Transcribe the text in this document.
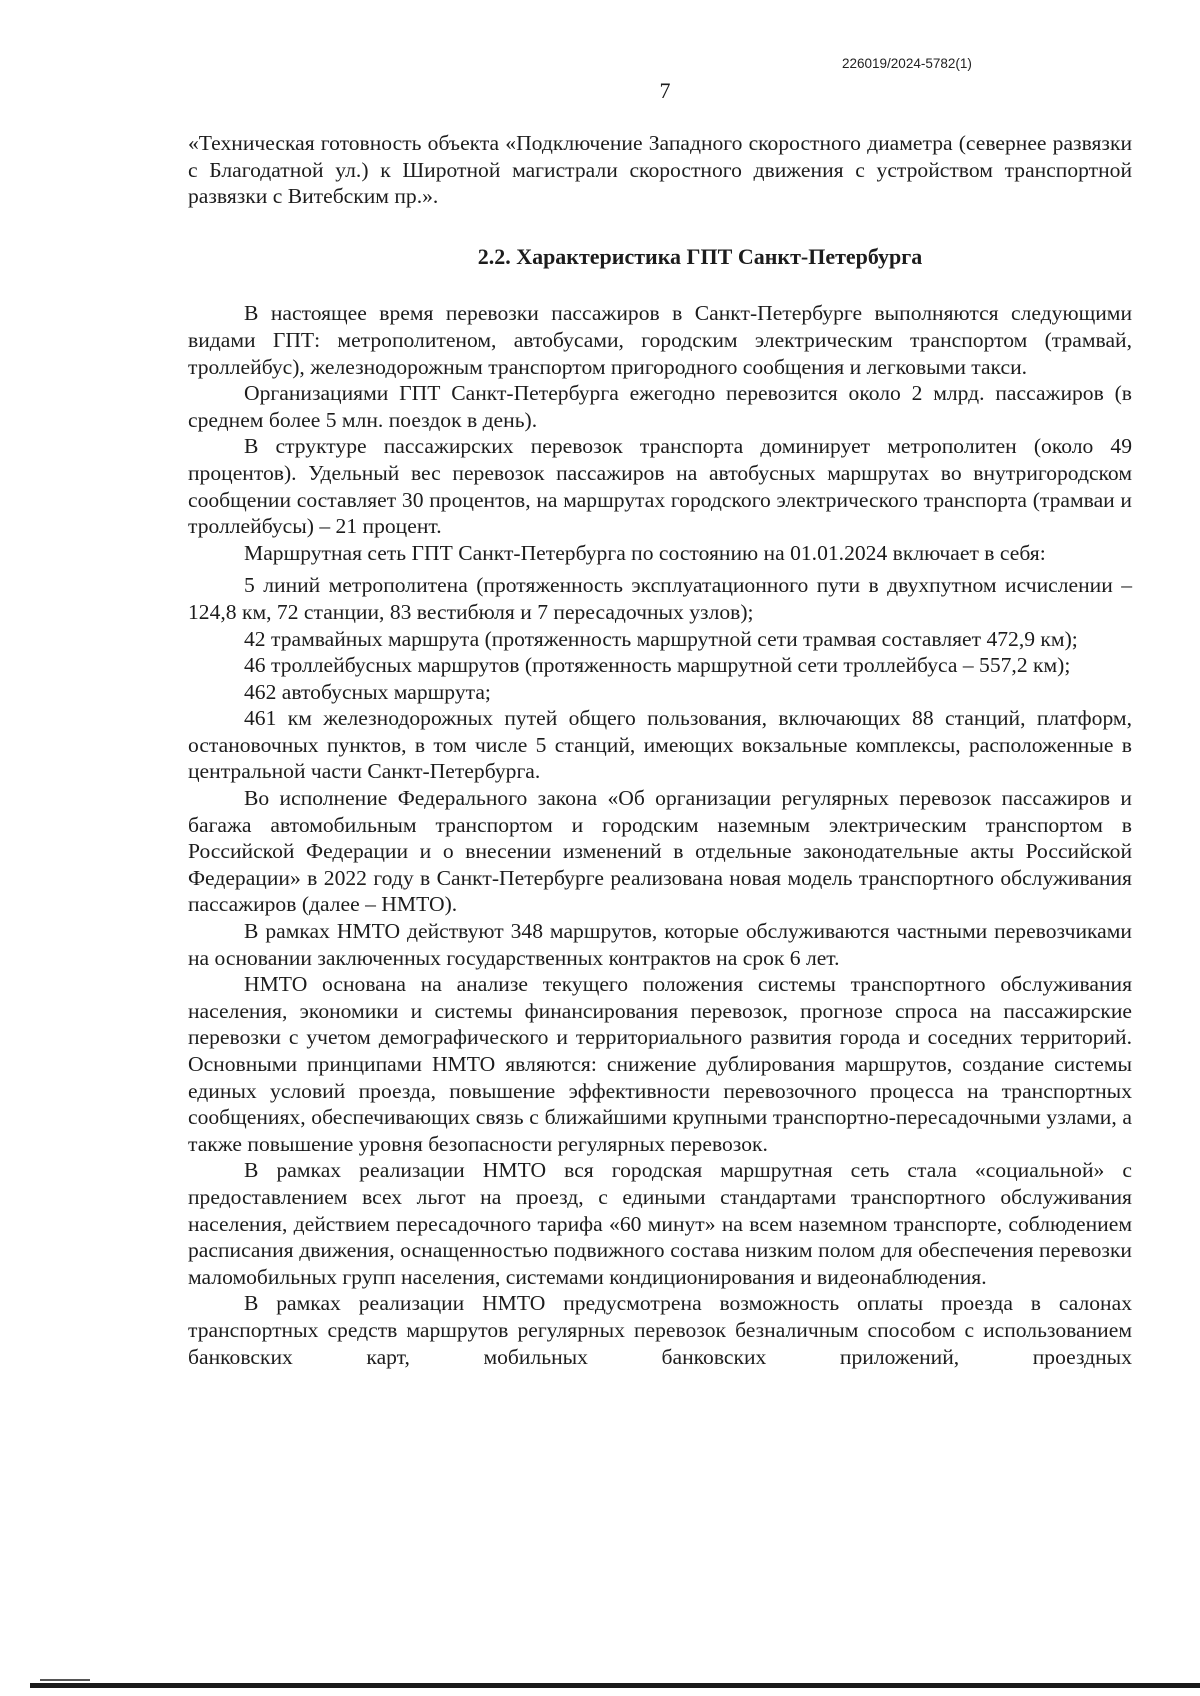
226019/2024-5782(1)
7

«Техническая готовность объекта «Подключение Западного скоростного диаметра (севернее развязки с Благодатной ул.) к Широтной магистрали скоростного движения с устройством транспортной развязки с Витебским пр.».

2.2. Характеристика ГПТ Санкт-Петербурга

В настоящее время перевозки пассажиров в Санкт-Петербурге выполняются следующими видами ГПТ: метрополитеном, автобусами, городским электрическим транспортом (трамвай, троллейбус), железнодорожным транспортом пригородного сообщения и легковыми такси.

Организациями ГПТ Санкт-Петербурга ежегодно перевозится около 2 млрд. пассажиров (в среднем более 5 млн. поездок в день).

В структуре пассажирских перевозок транспорта доминирует метрополитен (около 49 процентов). Удельный вес перевозок пассажиров на автобусных маршрутах во внутригородском сообщении составляет 30 процентов, на маршрутах городского электрического транспорта (трамваи и троллейбусы) – 21 процент.

Маршрутная сеть ГПТ Санкт-Петербурга по состоянию на 01.01.2024 включает в себя:

5 линий метрополитена (протяженность эксплуатационного пути в двухпутном исчислении – 124,8 км, 72 станции, 83 вестибюля и 7 пересадочных узлов);

42 трамвайных маршрута (протяженность маршрутной сети трамвая составляет 472,9 км);

46 троллейбусных маршрутов (протяженность маршрутной сети троллейбуса – 557,2 км);

462 автобусных маршрута;

461 км железнодорожных путей общего пользования, включающих 88 станций, платформ, остановочных пунктов, в том числе 5 станций, имеющих вокзальные комплексы, расположенные в центральной части Санкт-Петербурга.

Во исполнение Федерального закона «Об организации регулярных перевозок пассажиров и багажа автомобильным транспортом и городским наземным электрическим транспортом в Российской Федерации и о внесении изменений в отдельные законодательные акты Российской Федерации» в 2022 году в Санкт-Петербурге реализована новая модель транспортного обслуживания пассажиров (далее – НМТО).

В рамках НМТО действуют 348 маршрутов, которые обслуживаются частными перевозчиками на основании заключенных государственных контрактов на срок 6 лет.

НМТО основана на анализе текущего положения системы транспортного обслуживания населения, экономики и системы финансирования перевозок, прогнозе спроса на пассажирские перевозки с учетом демографического и территориального развития города и соседних территорий. Основными принципами НМТО являются: снижение дублирования маршрутов, создание системы единых условий проезда, повышение эффективности перевозочного процесса на транспортных сообщениях, обеспечивающих связь с ближайшими крупными транспортно-пересадочными узлами, а также повышение уровня безопасности регулярных перевозок.

В рамках реализации НМТО вся городская маршрутная сеть стала «социальной» с предоставлением всех льгот на проезд, с едиными стандартами транспортного обслуживания населения, действием пересадочного тарифа «60 минут» на всем наземном транспорте, соблюдением расписания движения, оснащенностью подвижного состава низким полом для обеспечения перевозки маломобильных групп населения, системами кондиционирования и видеонаблюдения.

В рамках реализации НМТО предусмотрена возможность оплаты проезда в салонах транспортных средств маршрутов регулярных перевозок безналичным способом с использованием банковских карт, мобильных банковских приложений, проездных
